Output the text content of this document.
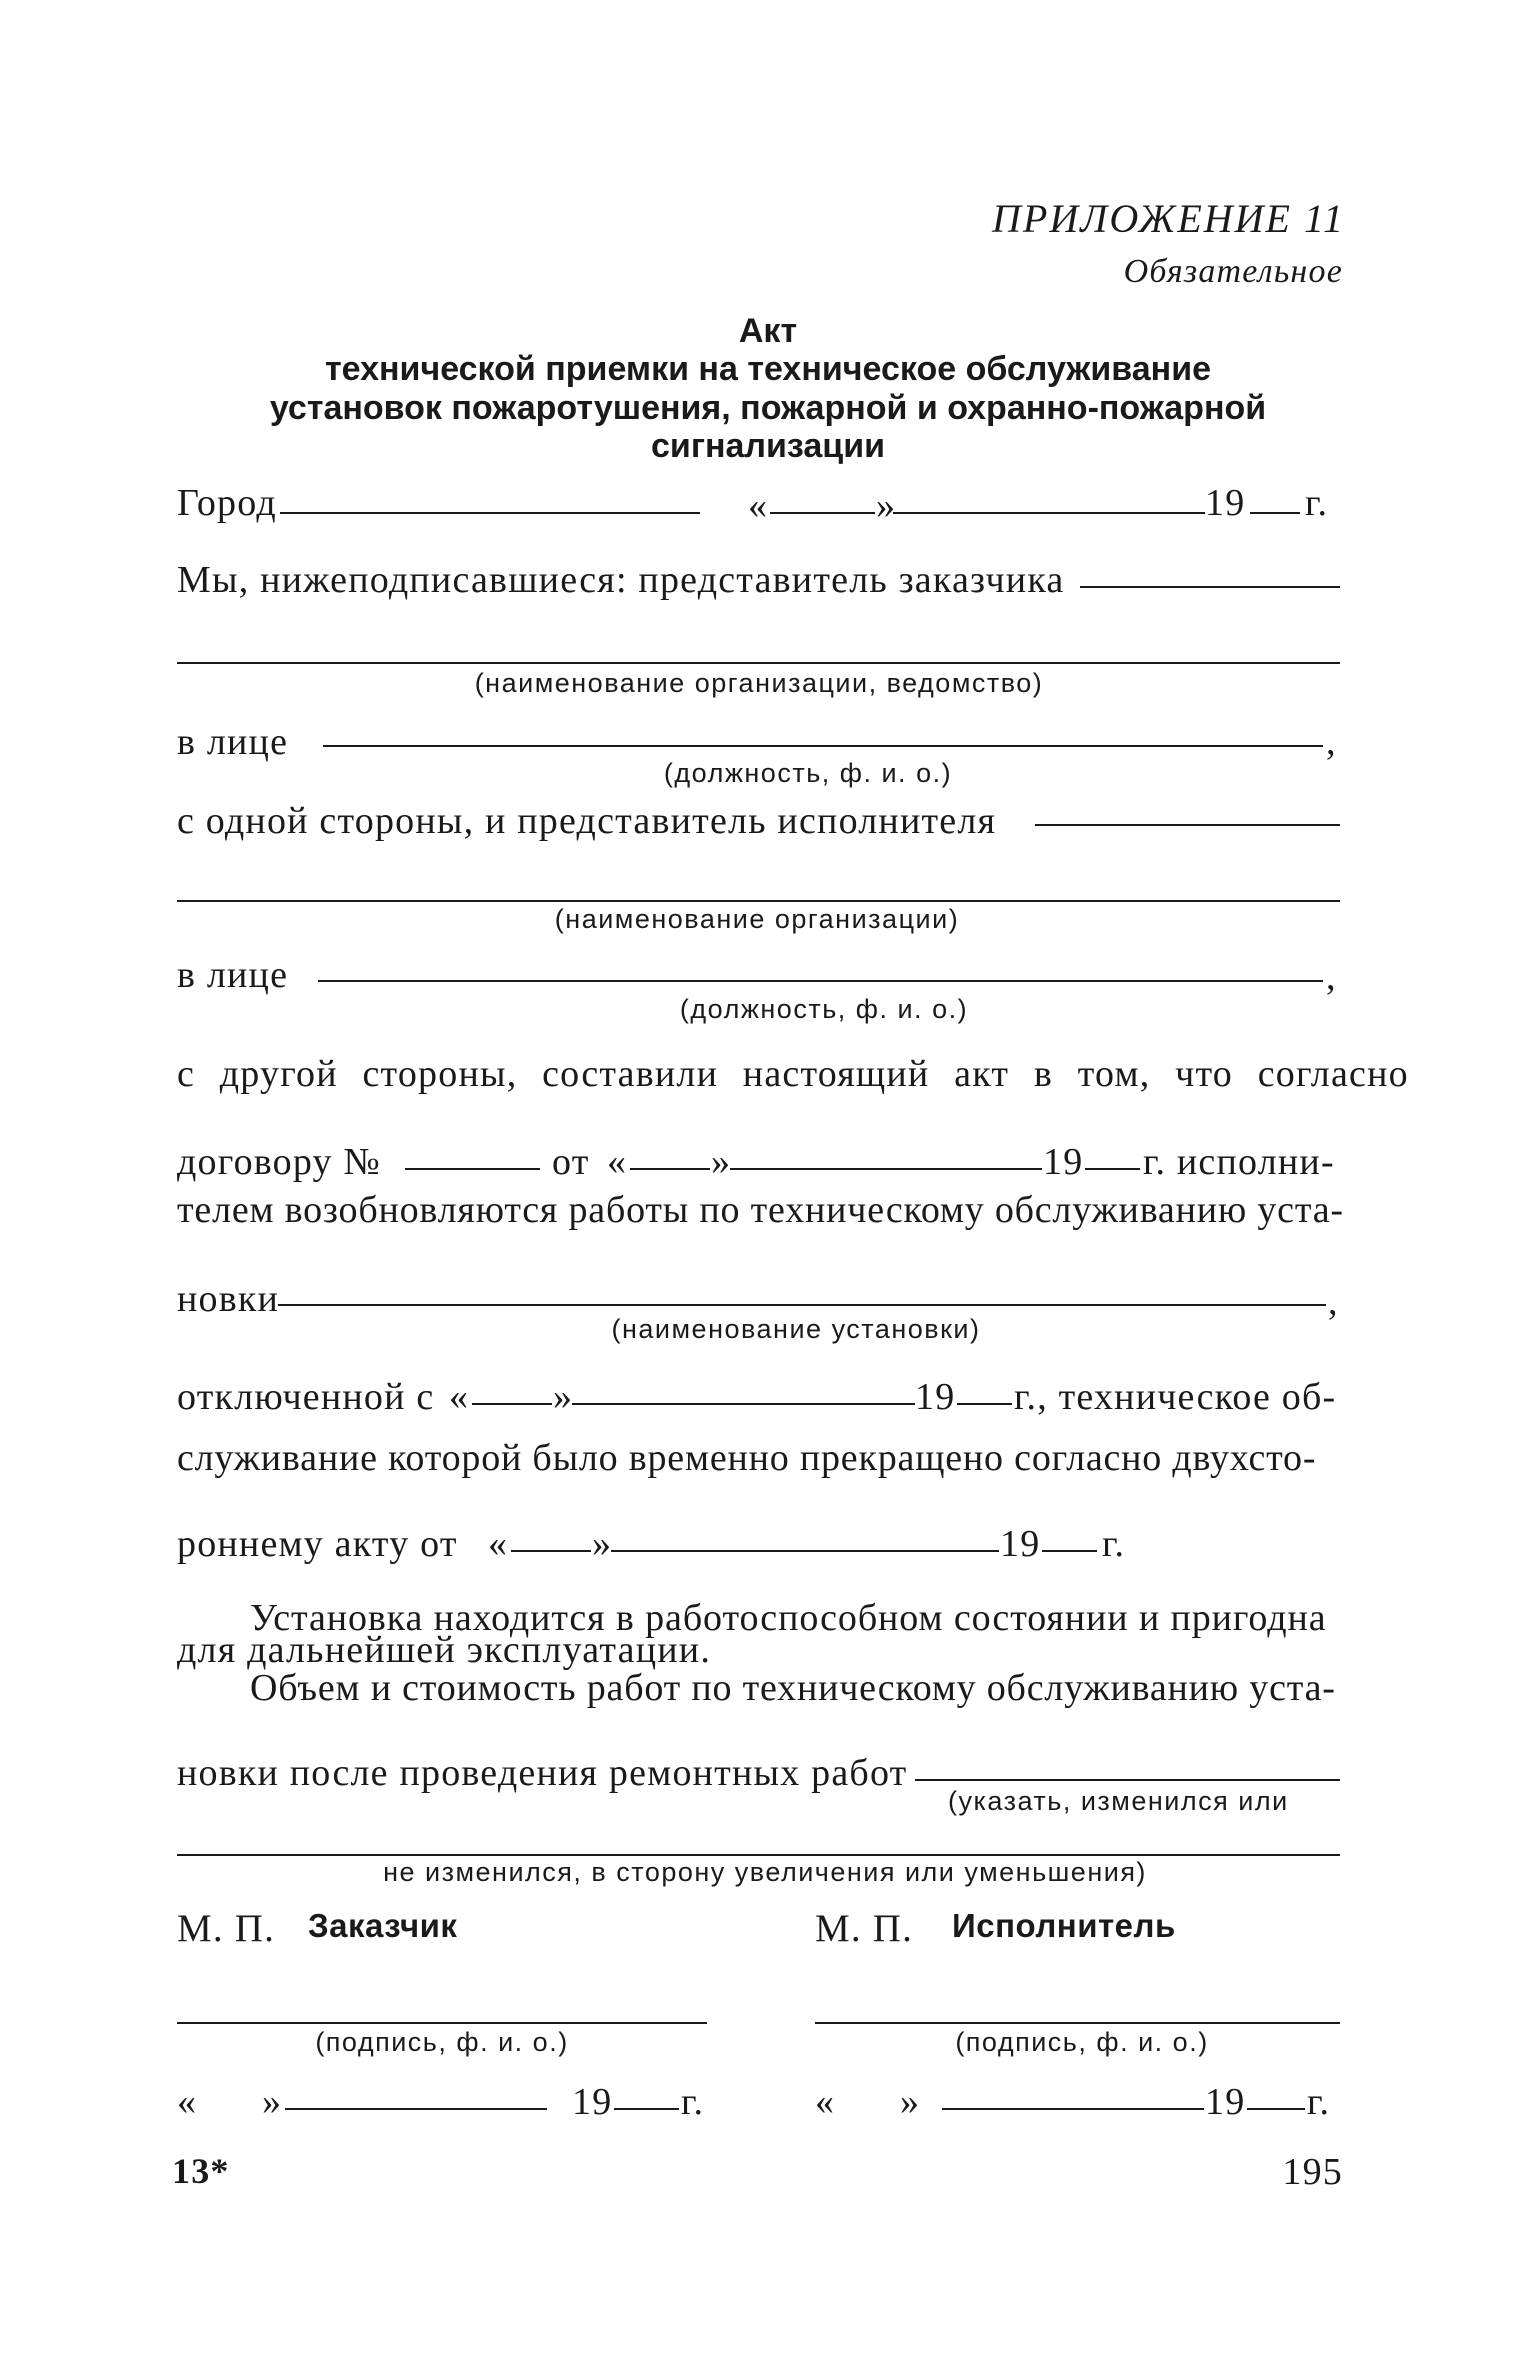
ПРИЛОЖЕНИЕ 11
Обязательное
Акт
технической приемки на техническое обслуживание
установок пожаротушения, пожарной и охранно-пожарной
сигнализации
Город	«	»	19 г.
Мы, нижеподписавшиеся: представитель заказчика
(наименование организации, ведомство)
в лице	,
(должность, ф. и. о.)
с одной стороны, и представитель исполнителя
(наименование организации)
в лице	,
(должность, ф. и. о.)
с другой стороны, составили настоящий акт в том, что согласно
договору №	от « »	19 г. исполни-
телем возобновляются работы по техническому обслуживанию уста-
новки	,
(наименование установки)
отключенной с « »	19 г., техническое об-
служивание которой было временно прекращено согласно двухсто-
роннему акту от « »	19 г.
Установка находится в работоспособном состоянии и пригодна
для дальнейшей эксплуатации.
Объем и стоимость работ по техническому обслуживанию уста-
новки после проведения ремонтных работ
(указать, изменился или
не изменился, в сторону увеличения или уменьшения)
М. П. Заказчик	М. П. Исполнитель
(подпись, ф. и. о.)	(подпись, ф. и. о.)
« »	19 г.	« »	19 г.
13*	195
